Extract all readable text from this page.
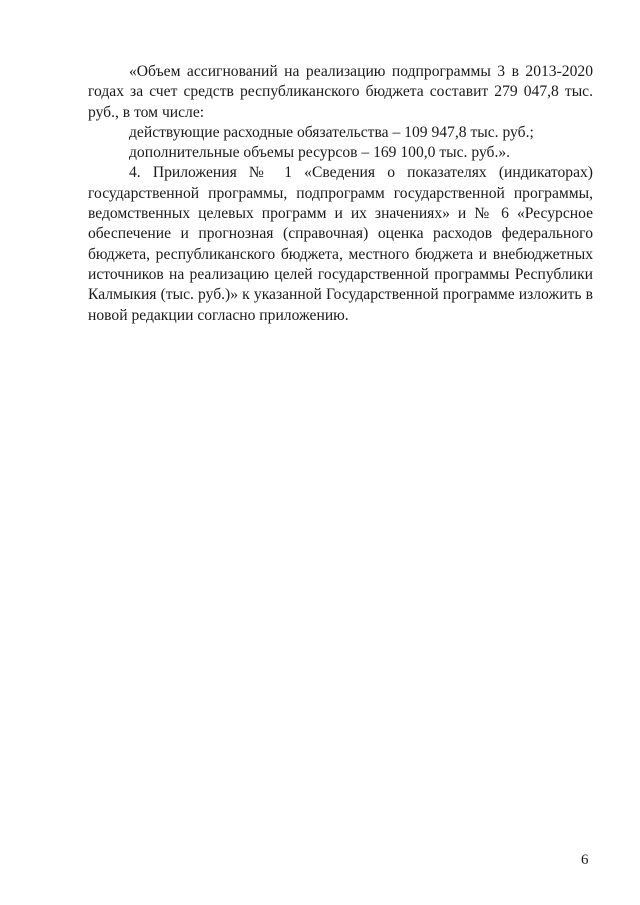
«Объем ассигнований на реализацию подпрограммы 3 в 2013-2020 годах за счет средств республиканского бюджета составит 279 047,8 тыс. руб., в том числе:

действующие расходные обязательства – 109 947,8 тыс. руб.;

дополнительные объемы ресурсов – 169 100,0 тыс. руб.».

4. Приложения № 1 «Сведения о показателях (индикаторах) государственной программы, подпрограмм государственной программы, ведомственных целевых программ и их значениях» и № 6 «Ресурсное обеспечение и прогнозная (справочная) оценка расходов федерального бюджета, республиканского бюджета, местного бюджета и внебюджетных источников на реализацию целей государственной программы Республики Калмыкия (тыс. руб.)» к указанной Государственной программе изложить в новой редакции согласно приложению.

6
